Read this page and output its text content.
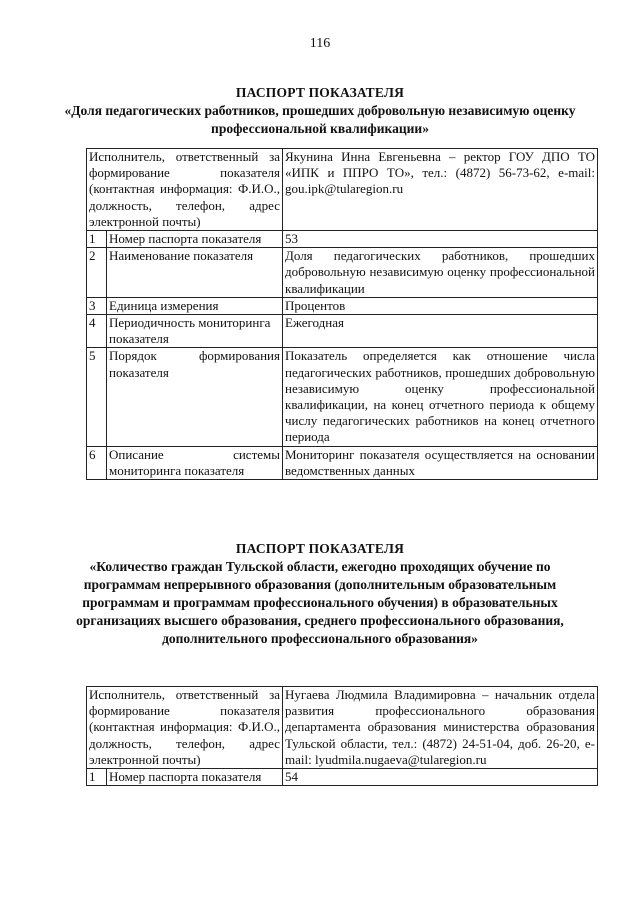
116
ПАСПОРТ ПОКАЗАТЕЛЯ
«Доля педагогических работников, прошедших добровольную независимую оценку профессиональной квалификации»
Исполнитель, ответственный за формирование показателя (контактная информация: Ф.И.О., должность, телефон, адрес электронной почты)		Якунина Инна Евгеньевна – ректор ГОУ ДПО ТО «ИПК и ППРО ТО», тел.: (4872) 56-73-62, e-mail: gou.ipk@tularegion.ru
1	Номер паспорта показателя	53
2	Наименование показателя	Доля педагогических работников, прошедших добровольную независимую оценку профессиональной квалификации
3	Единица измерения	Процентов
4	Периодичность мониторинга показателя	Ежегодная
5	Порядок формирования показателя	Показатель определяется как отношение числа педагогических работников, прошедших добровольную независимую оценку профессиональной квалификации, на конец отчетного периода к общему числу педагогических работников на конец отчетного периода
6	Описание системы мониторинга показателя	Мониторинг показателя осуществляется на основании ведомственных данных
ПАСПОРТ ПОКАЗАТЕЛЯ
«Количество граждан Тульской области, ежегодно проходящих обучение по программам непрерывного образования (дополнительным образовательным программам и программам профессионального обучения) в образовательных организациях высшего образования, среднего профессионального образования, дополнительного профессионального образования»
Исполнитель, ответственный за формирование показателя (контактная информация: Ф.И.О., должность, телефон, адрес электронной почты)		Нугаева Людмила Владимировна – начальник отдела развития профессионального образования департамента образования министерства образования Тульской области, тел.: (4872) 24-51-04, доб. 26-20, e-mail: lyudmila.nugaeva@tularegion.ru
1	Номер паспорта показателя	54
